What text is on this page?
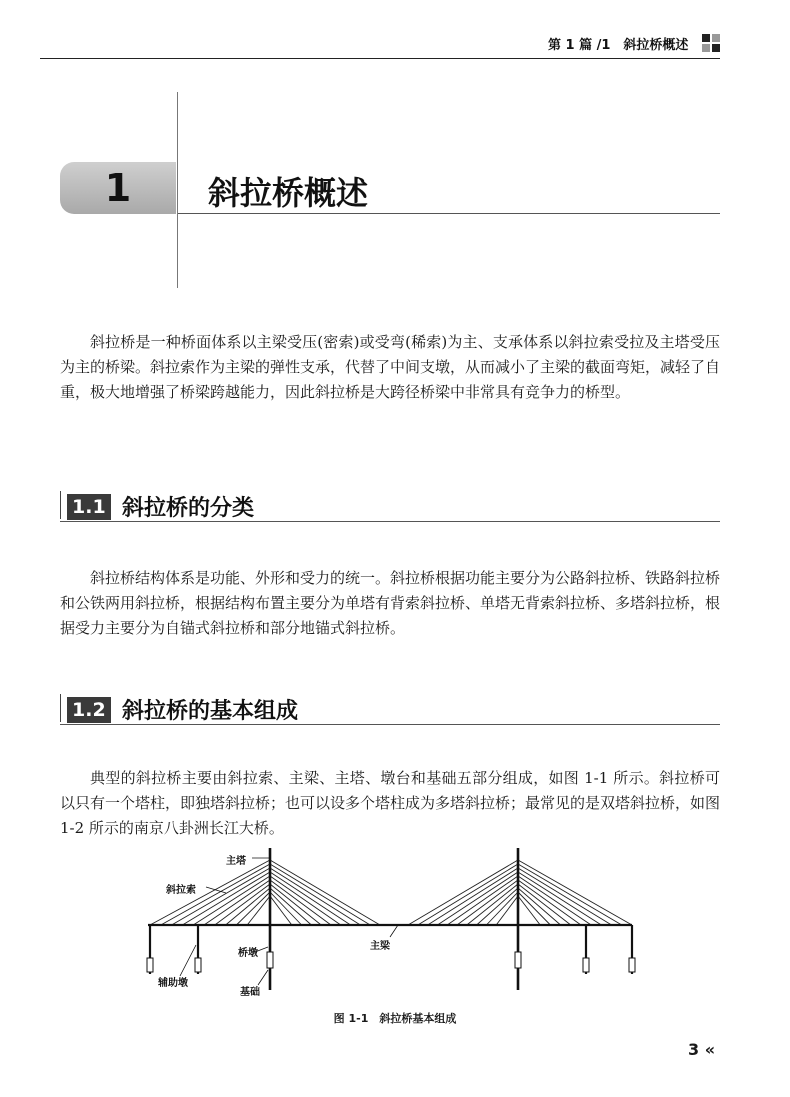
第 1 篇 /1　斜拉桥概述
1 斜拉桥概述

斜拉桥是一种桥面体系以主梁受压(密索)或受弯(稀索)为主、支承体系以斜拉索受拉及主塔受压为主的桥梁。斜拉索作为主梁的弹性支承，代替了中间支墩，从而减小了主梁的截面弯矩，减轻了自重，极大地增强了桥梁跨越能力，因此斜拉桥是大跨径桥梁中非常具有竞争力的桥型。

1.1 斜拉桥的分类

斜拉桥结构体系是功能、外形和受力的统一。斜拉桥根据功能主要分为公路斜拉桥、铁路斜拉桥和公铁两用斜拉桥，根据结构布置主要分为单塔有背索斜拉桥、单塔无背索斜拉桥、多塔斜拉桥，根据受力主要分为自锚式斜拉桥和部分地锚式斜拉桥。

1.2 斜拉桥的基本组成

典型的斜拉桥主要由斜拉索、主梁、主塔、墩台和基础五部分组成，如图 1-1 所示。斜拉桥可以只有一个塔柱，即独塔斜拉桥；也可以设多个塔柱成为多塔斜拉桥；最常见的是双塔斜拉桥，如图 1-2 所示的南京八卦洲长江大桥。

主塔
斜拉索
主梁
桥墩
辅助墩
基础
图 1-1　斜拉桥基本组成
3 «
